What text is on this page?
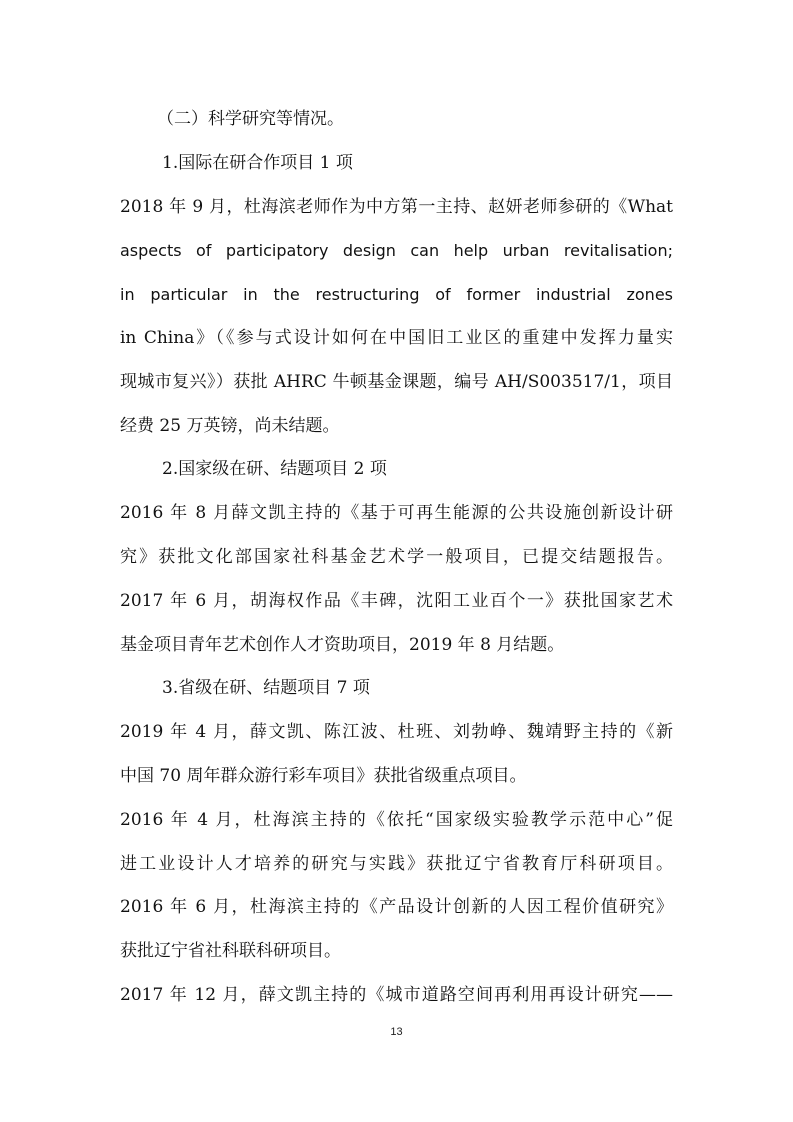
（二）科学研究等情况。
1.国际在研合作项目 1 项
2018 年 9 月，杜海滨老师作为中方第一主持、赵妍老师参研的《What
aspects of participatory design can help urban revitalisation;
in particular in the restructuring of former industrial zones
in China》（《参与式设计如何在中国旧工业区的重建中发挥力量实
现城市复兴》）获批 AHRC 牛顿基金课题，编号 AH/S003517/1，项目
经费 25 万英镑，尚未结题。
2.国家级在研、结题项目 2 项
2016 年 8 月薛文凯主持的《基于可再生能源的公共设施创新设计研
究》获批文化部国家社科基金艺术学一般项目，已提交结题报告。
2017 年 6 月，胡海权作品《丰碑，沈阳工业百个一》获批国家艺术
基金项目青年艺术创作人才资助项目，2019 年 8 月结题。
3.省级在研、结题项目 7 项
2019 年 4 月，薛文凯、陈江波、杜班、刘勃峥、魏靖野主持的《新
中国 70 周年群众游行彩车项目》获批省级重点项目。
2016 年 4 月，杜海滨主持的《依托“国家级实验教学示范中心”促
进工业设计人才培养的研究与实践》获批辽宁省教育厅科研项目。
2016 年 6 月，杜海滨主持的《产品设计创新的人因工程价值研究》
获批辽宁省社科联科研项目。
2017 年 12 月，薛文凯主持的《城市道路空间再利用再设计研究——
13
